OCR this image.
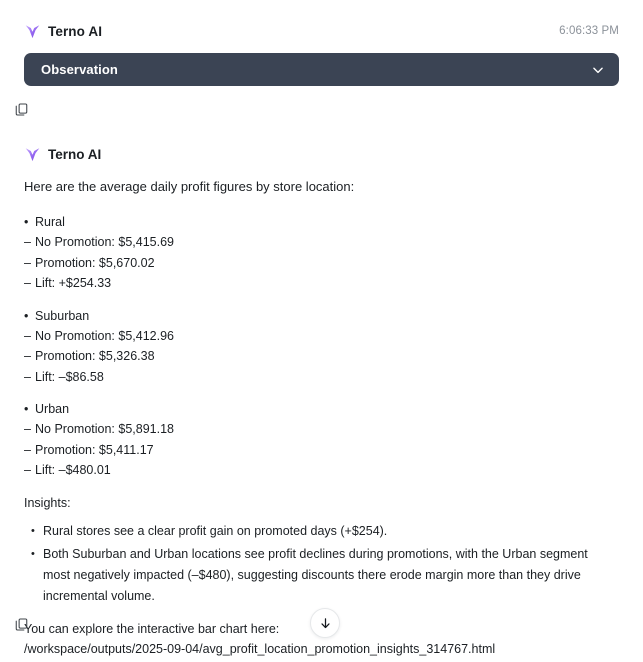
Terno AI	6:06:33 PM
Observation
Terno AI

Here are the average daily profit figures by store location:

• Rural
– No Promotion: $5,415.69
– Promotion: $5,670.02
– Lift: +$254.33
• Suburban
– No Promotion: $5,412.96
– Promotion: $5,326.38
– Lift: –$86.58
• Urban
– No Promotion: $5,891.18
– Promotion: $5,411.17
– Lift: –$480.01
Insights:
• Rural stores see a clear profit gain on promoted days (+$254).
• Both Suburban and Urban locations see profit declines during promotions, with the Urban segment most negatively impacted (–$480), suggesting discounts there erode margin more than they drive incremental volume.
You can explore the interactive bar chart here:
/workspace/outputs/2025-09-04/avg_profit_location_promotion_insights_314767.html
